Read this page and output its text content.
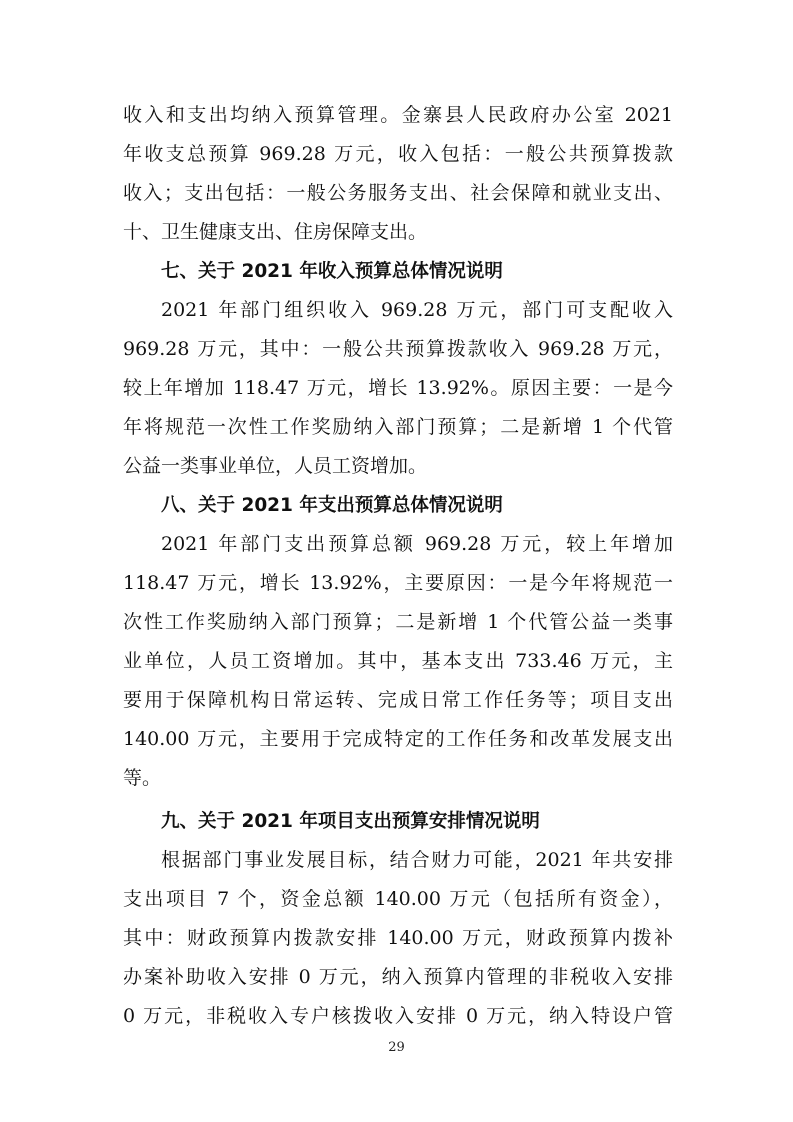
收入和支出均纳入预算管理。金寨县人民政府办公室 2021
年收支总预算 969.28 万元，收入包括：一般公共预算拨款
收入；支出包括：一般公务服务支出、社会保障和就业支出、
十、卫生健康支出、住房保障支出。
七、关于 2021 年收入预算总体情况说明
2021 年部门组织收入 969.28 万元，部门可支配收入
969.28 万元，其中：一般公共预算拨款收入 969.28 万元，
较上年增加 118.47 万元，增长 13.92%。原因主要：一是今
年将规范一次性工作奖励纳入部门预算；二是新增 1 个代管
公益一类事业单位，人员工资增加。
八、关于 2021 年支出预算总体情况说明
2021 年部门支出预算总额 969.28 万元，较上年增加
118.47 万元，增长 13.92%，主要原因：一是今年将规范一
次性工作奖励纳入部门预算；二是新增 1 个代管公益一类事
业单位，人员工资增加。其中，基本支出 733.46 万元，主
要用于保障机构日常运转、完成日常工作任务等；项目支出
140.00 万元，主要用于完成特定的工作任务和改革发展支出
等。
九、关于 2021 年项目支出预算安排情况说明
根据部门事业发展目标，结合财力可能，2021 年共安排
支出项目 7 个，资金总额 140.00 万元（包括所有资金），
其中：财政预算内拨款安排 140.00 万元，财政预算内拨补
办案补助收入安排 0 万元，纳入预算内管理的非税收入安排
0 万元，非税收入专户核拨收入安排 0 万元，纳入特设户管
29
